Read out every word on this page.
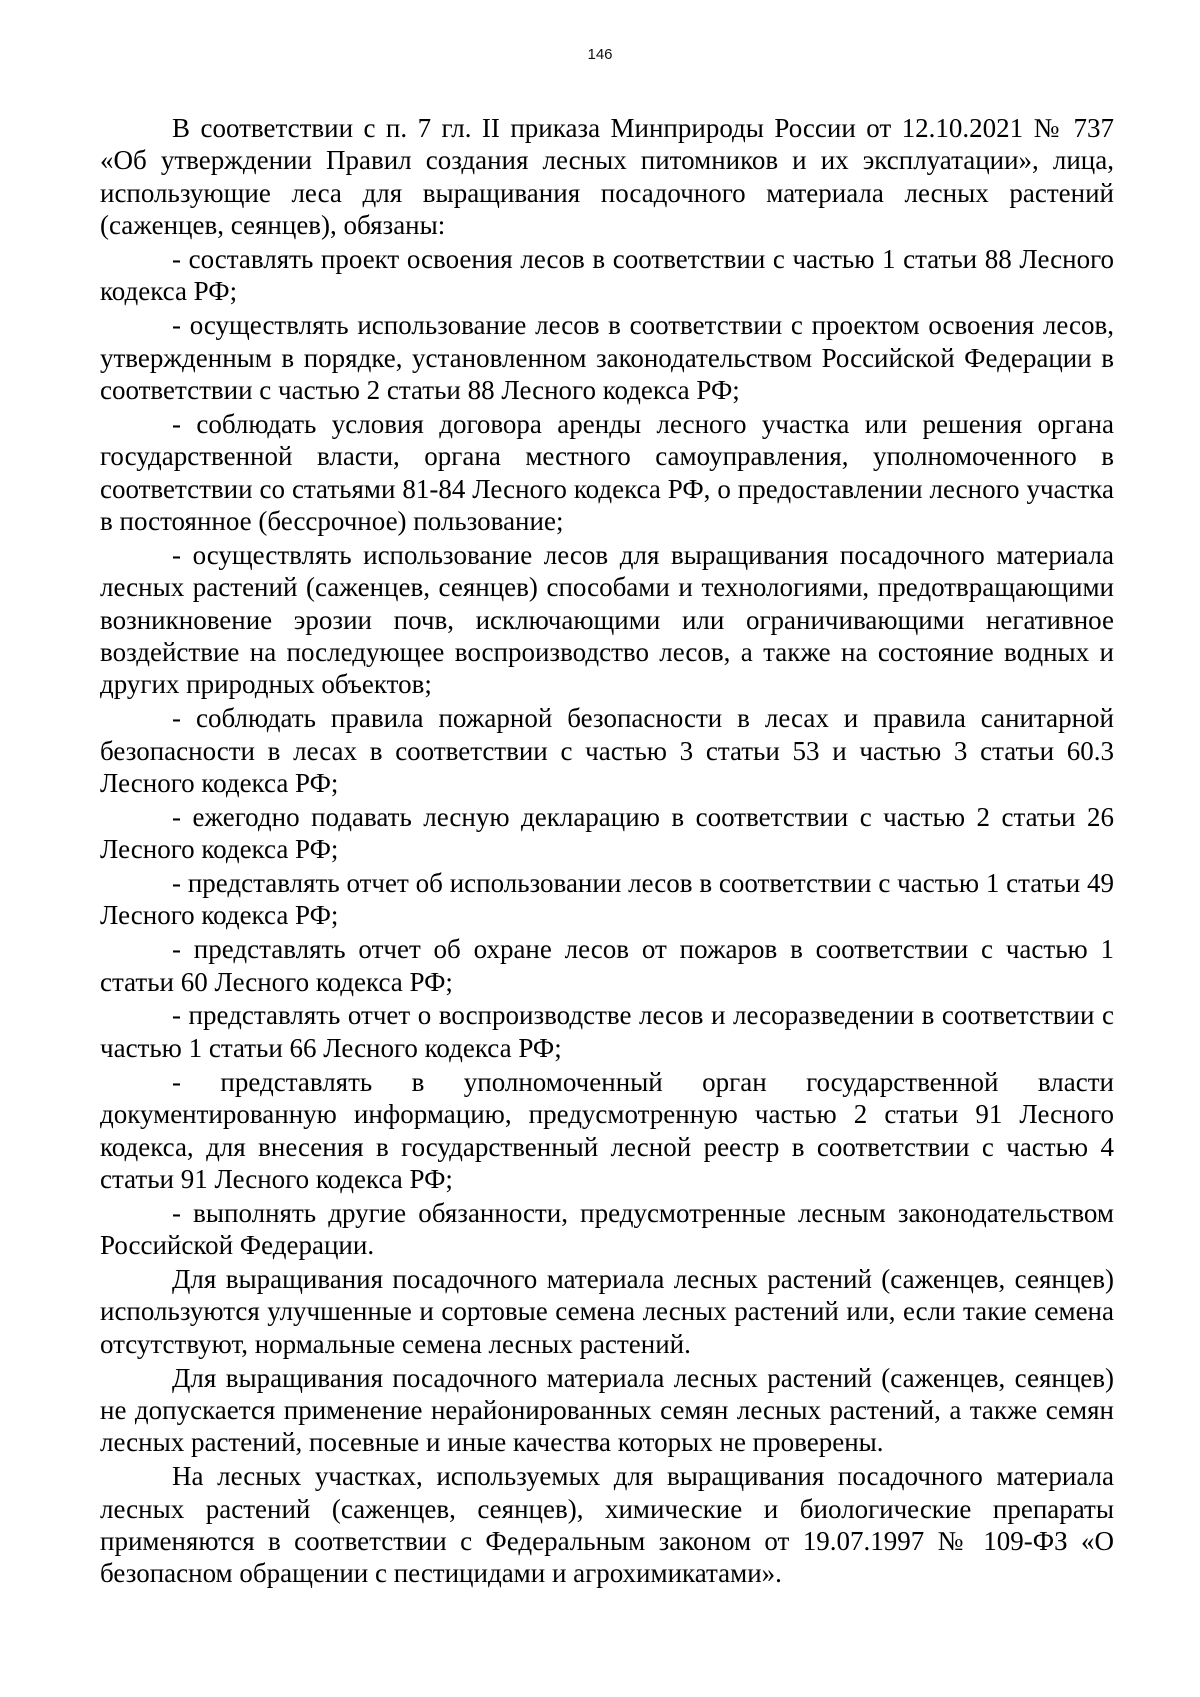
146

В соответствии с п. 7 гл. II приказа Минприроды России от 12.10.2021 № 737 «Об утверждении Правил создания лесных питомников и их эксплуатации», лица, использующие леса для выращивания посадочного материала лесных растений (саженцев, сеянцев), обязаны:

- составлять проект освоения лесов в соответствии с частью 1 статьи 88 Лесного кодекса РФ;

- осуществлять использование лесов в соответствии с проектом освоения лесов, утвержденным в порядке, установленном законодательством Российской Федерации в соответствии с частью 2 статьи 88 Лесного кодекса РФ;

- соблюдать условия договора аренды лесного участка или решения органа государственной власти, органа местного самоуправления, уполномоченного в соответствии со статьями 81-84 Лесного кодекса РФ, о предоставлении лесного участка в постоянное (бессрочное) пользование;

- осуществлять использование лесов для выращивания посадочного материала лесных растений (саженцев, сеянцев) способами и технологиями, предотвращающими возникновение эрозии почв, исключающими или ограничивающими негативное воздействие на последующее воспроизводство лесов, а также на состояние водных и других природных объектов;

- соблюдать правила пожарной безопасности в лесах и правила санитарной безопасности в лесах в соответствии с частью 3 статьи 53 и частью 3 статьи 60.3 Лесного кодекса РФ;

- ежегодно подавать лесную декларацию в соответствии с частью 2 статьи 26 Лесного кодекса РФ;

- представлять отчет об использовании лесов в соответствии с частью 1 статьи 49 Лесного кодекса РФ;

- представлять отчет об охране лесов от пожаров в соответствии с частью 1 статьи 60 Лесного кодекса РФ;

- представлять отчет о воспроизводстве лесов и лесоразведении в соответствии с частью 1 статьи 66 Лесного кодекса РФ;

- представлять в уполномоченный орган государственной власти документированную информацию, предусмотренную частью 2 статьи 91 Лесного кодекса, для внесения в государственный лесной реестр в соответствии с частью 4 статьи 91 Лесного кодекса РФ;

- выполнять другие обязанности, предусмотренные лесным законодательством Российской Федерации.

Для выращивания посадочного материала лесных растений (саженцев, сеянцев) используются улучшенные и сортовые семена лесных растений или, если такие семена отсутствуют, нормальные семена лесных растений.

Для выращивания посадочного материала лесных растений (саженцев, сеянцев) не допускается применение нерайонированных семян лесных растений, а также семян лесных растений, посевные и иные качества которых не проверены.

На лесных участках, используемых для выращивания посадочного материала лесных растений (саженцев, сеянцев), химические и биологические препараты применяются в соответствии с Федеральным законом от 19.07.1997 № 109-ФЗ «О безопасном обращении с пестицидами и агрохимикатами».
